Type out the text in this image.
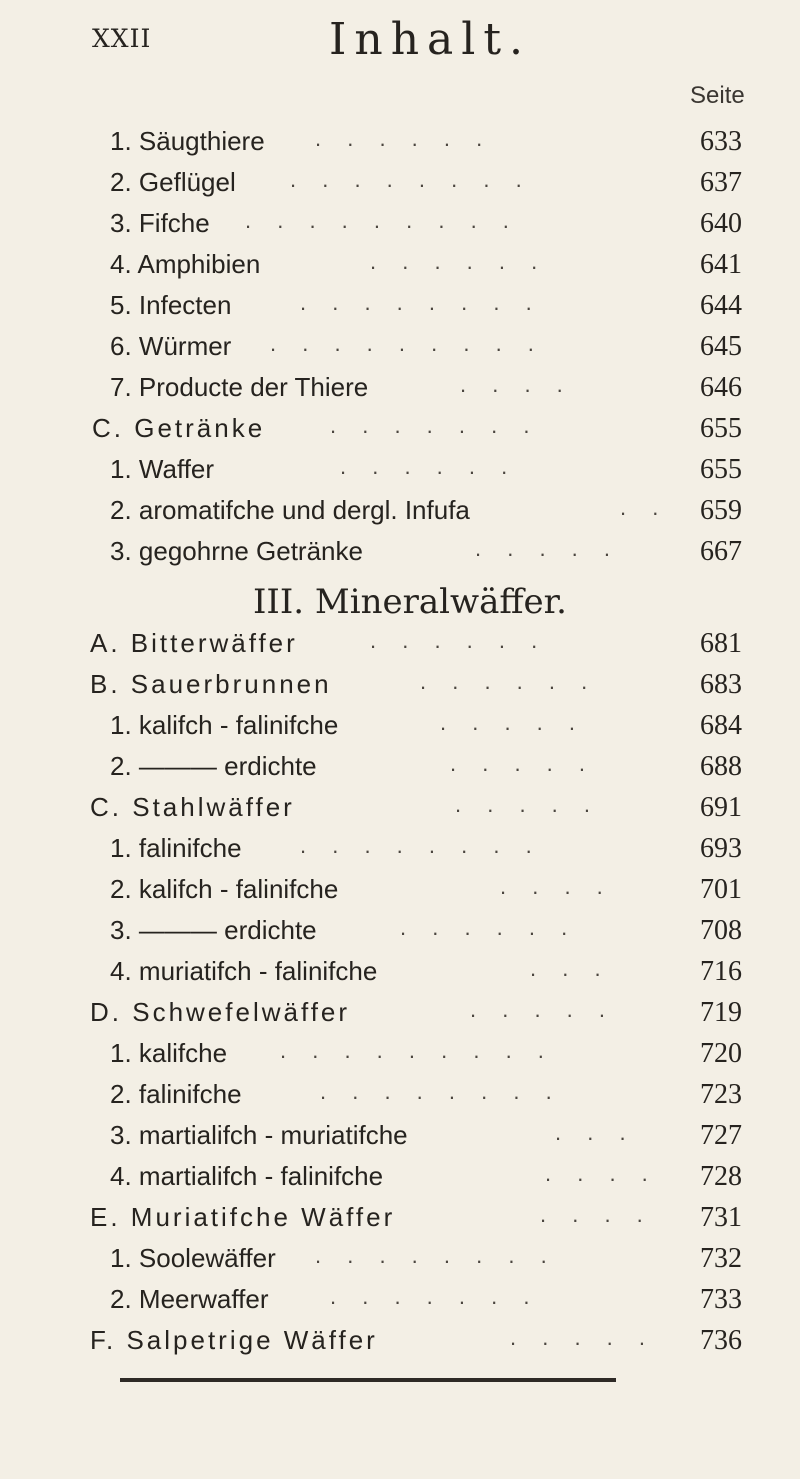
XXII	Inhalt.
Seite
1. Säugthiere . . . . . .	633
2. Geflügel . . . . . . . .	637
3. Fifche . . . . . . . . .	640
4. Amphibien	. . . . . .	641
5. Infecten	. . . . . . . .	644
6. Würmer . . . . . . . . .	645
7. Producte der Thiere	. . . .	646
C. Getränke	. . . . . . .	655
1. Waffer	. . . . . .	655
2. aromatifche und dergl. Infufa	. . 659
3. gegohrne Getränke	. . . . .	667
III. Mineralwäffer.
A. Bitterwäffer	. . . . . .	681
B. Sauerbrunnen	. . . . . .	683
1. kalifch - falinifche	. . . . .	684
2. ——— erdichte	. . . . .	688
C. Stahlwäffer	. . . . .	691
1. falinifche	. . . . . . . .	693
2. kalifch - falinifche	. . . .	701
3. ——— erdichte	. . . . . .	708
4. muriatifch - falinifche	. . .	716
D. Schwefelwäffer	. . . . .	719
1. kalifche . . . . . . . . .	720
2. falinifche	. . . . . . . .	723
3. martialifch - muriatifche	. . . 727
4. martialifch - falinifche	. . . . 728
E. Muriatifche Wäffer	. . . . 731
1. Soolewäffer . . . . . . . .	732
2. Meerwaffer	. . . . . . .	733
F. Salpetrige Wäffer	. . . . . 736
